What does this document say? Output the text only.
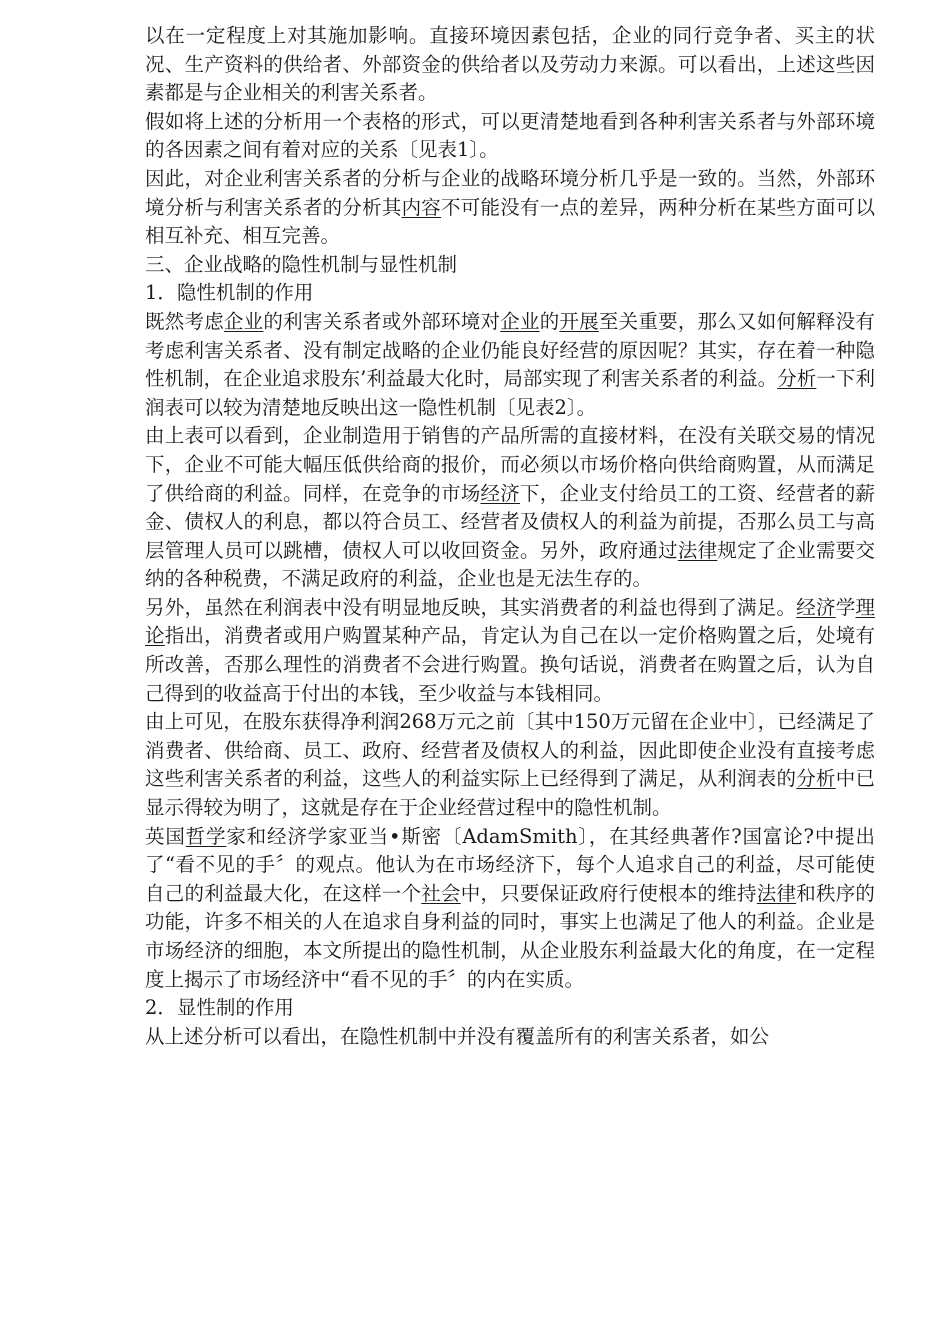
以在一定程度上对其施加影响。直接环境因素包括，企业的同行竞争者、买主的状况、生产资料的供给者、外部资金的供给者以及劳动力来源。可以看出，上述这些因素都是与企业相关的利害关系者。

假如将上述的分析用一个表格的形式，可以更清楚地看到各种利害关系者与外部环境的各因素之间有着对应的关系〔见表1〕。

因此，对企业利害关系者的分析与企业的战略环境分析几乎是一致的。当然，外部环境分析与利害关系者的分析其内容不可能没有一点的差异，两种分析在某些方面可以相互补充、相互完善。

三、企业战略的隐性机制与显性机制

1．隐性机制的作用

既然考虑企业的利害关系者或外部环境对企业的开展至关重要，那么又如何解释没有考虑利害关系者、没有制定战略的企业仍能良好经营的原因呢？其实，存在着一种隐性机制，在企业追求股东’利益最大化时，局部实现了利害关系者的利益。分析一下利润表可以较为清楚地反映出这一隐性机制〔见表2〕。

由上表可以看到，企业制造用于销售的产品所需的直接材料，在没有关联交易的情况下，企业不可能大幅压低供给商的报价，而必须以市场价格向供给商购置，从而满足了供给商的利益。同样，在竞争的市场经济下，企业支付给员工的工资、经营者的薪金、债权人的利息，都以符合员工、经营者及债权人的利益为前提，否那么员工与高层管理人员可以跳槽，债权人可以收回资金。另外，政府通过法律规定了企业需要交纳的各种税费，不满足政府的利益，企业也是无法生存的。

另外，虽然在利润表中没有明显地反映，其实消费者的利益也得到了满足。经济学理论指出，消费者或用户购置某种产品，肯定认为自己在以一定价格购置之后，处境有所改善，否那么理性的消费者不会进行购置。换句话说，消费者在购置之后，认为自己得到的收益高于付出的本钱，至少收益与本钱相同。

由上可见，在股东获得净利润268万元之前〔其中150万元留在企业中〕，已经满足了消费者、供给商、员工、政府、经营者及债权人的利益，因此即使企业没有直接考虑这些利害关系者的利益，这些人的利益实际上已经得到了满足，从利润表的分析中已显示得较为明了，这就是存在于企业经营过程中的隐性机制。

英国哲学家和经济学家亚当•斯密〔AdamSmith〕，在其经典著作?国富论?中提出了“看不见的手〞的观点。他认为在市场经济下，每个人追求自己的利益，尽可能使自己的利益最大化，在这样一个社会中，只要保证政府行使根本的维持法律和秩序的功能，许多不相关的人在追求自身利益的同时，事实上也满足了他人的利益。企业是市场经济的细胞，本文所提出的隐性机制，从企业股东利益最大化的角度，在一定程度上揭示了市场经济中“看不见的手〞的内在实质。

2．显性制的作用

从上述分析可以看出，在隐性机制中并没有覆盖所有的利害关系者，如公
